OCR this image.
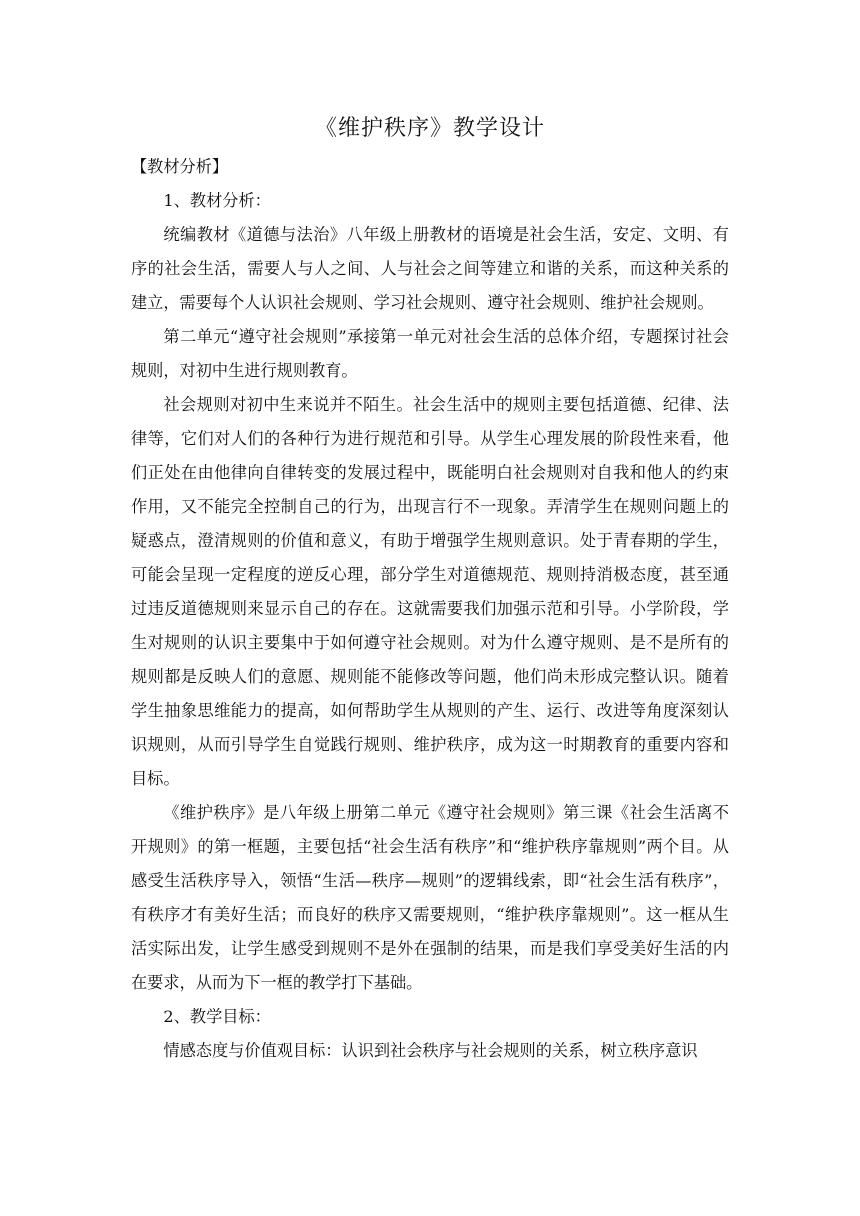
《维护秩序》教学设计

【教材分析】

1、教材分析：

统编教材《道德与法治》八年级上册教材的语境是社会生活，安定、文明、有序的社会生活，需要人与人之间、人与社会之间等建立和谐的关系，而这种关系的建立，需要每个人认识社会规则、学习社会规则、遵守社会规则、维护社会规则。

第二单元“遵守社会规则”承接第一单元对社会生活的总体介绍，专题探讨社会规则，对初中生进行规则教育。

社会规则对初中生来说并不陌生。社会生活中的规则主要包括道德、纪律、法律等，它们对人们的各种行为进行规范和引导。从学生心理发展的阶段性来看，他们正处在由他律向自律转变的发展过程中，既能明白社会规则对自我和他人的约束作用，又不能完全控制自己的行为，出现言行不一现象。弄清学生在规则问题上的疑惑点，澄清规则的价值和意义，有助于增强学生规则意识。处于青春期的学生，可能会呈现一定程度的逆反心理，部分学生对道德规范、规则持消极态度，甚至通过违反道德规则来显示自己的存在。这就需要我们加强示范和引导。小学阶段，学生对规则的认识主要集中于如何遵守社会规则。对为什么遵守规则、是不是所有的规则都是反映人们的意愿、规则能不能修改等问题，他们尚未形成完整认识。随着学生抽象思维能力的提高，如何帮助学生从规则的产生、运行、改进等角度深刻认识规则，从而引导学生自觉践行规则、维护秩序，成为这一时期教育的重要内容和目标。

《维护秩序》是八年级上册第二单元《遵守社会规则》第三课《社会生活离不开规则》的第一框题，主要包括“社会生活有秩序”和“维护秩序靠规则”两个目。从感受生活秩序导入，领悟“生活—秩序—规则”的逻辑线索，即“社会生活有秩序”，有秩序才有美好生活；而良好的秩序又需要规则，“维护秩序靠规则”。这一框从生活实际出发，让学生感受到规则不是外在强制的结果，而是我们享受美好生活的内在要求，从而为下一框的教学打下基础。

2、教学目标：

情感态度与价值观目标：认识到社会秩序与社会规则的关系，树立秩序意识
